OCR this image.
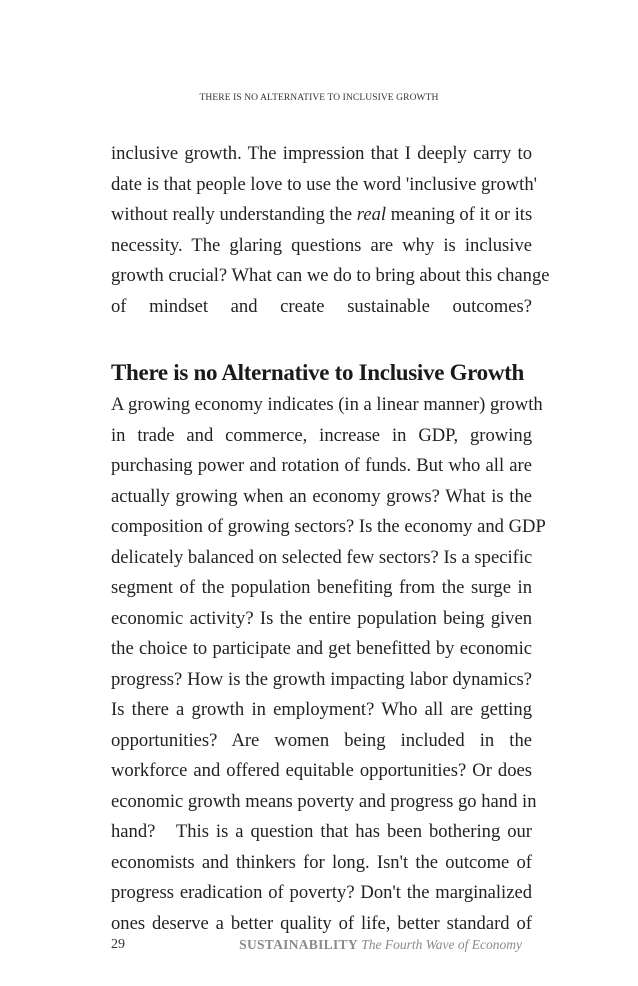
THERE IS NO ALTERNATIVE TO INCLUSIVE GROWTH

inclusive growth. The impression that I deeply carry to
date is that people love to use the word 'inclusive growth'
without really understanding the real meaning of it or its
necessity. The glaring questions are why is inclusive
growth crucial? What can we do to bring about this change
of mindset and create sustainable outcomes?

There is no Alternative to Inclusive Growth

A growing economy indicates (in a linear manner) growth
in trade and commerce, increase in GDP, growing
purchasing power and rotation of funds. But who all are
actually growing when an economy grows? What is the
composition of growing sectors? Is the economy and GDP
delicately balanced on selected few sectors? Is a specific
segment of the population benefiting from the surge in
economic activity? Is the entire population being given
the choice to participate and get benefitted by economic
progress? How is the growth impacting labor dynamics?
Is there a growth in employment? Who all are getting
opportunities? Are women being included in the
workforce and offered equitable opportunities? Or does
economic growth means poverty and progress go hand in
hand?   This is a question that has been bothering our
economists and thinkers for long. Isn't the outcome of
progress eradication of poverty? Don't the marginalized
ones deserve a better quality of life, better standard of

29	SUSTAINABILITY The Fourth Wave of Economy
